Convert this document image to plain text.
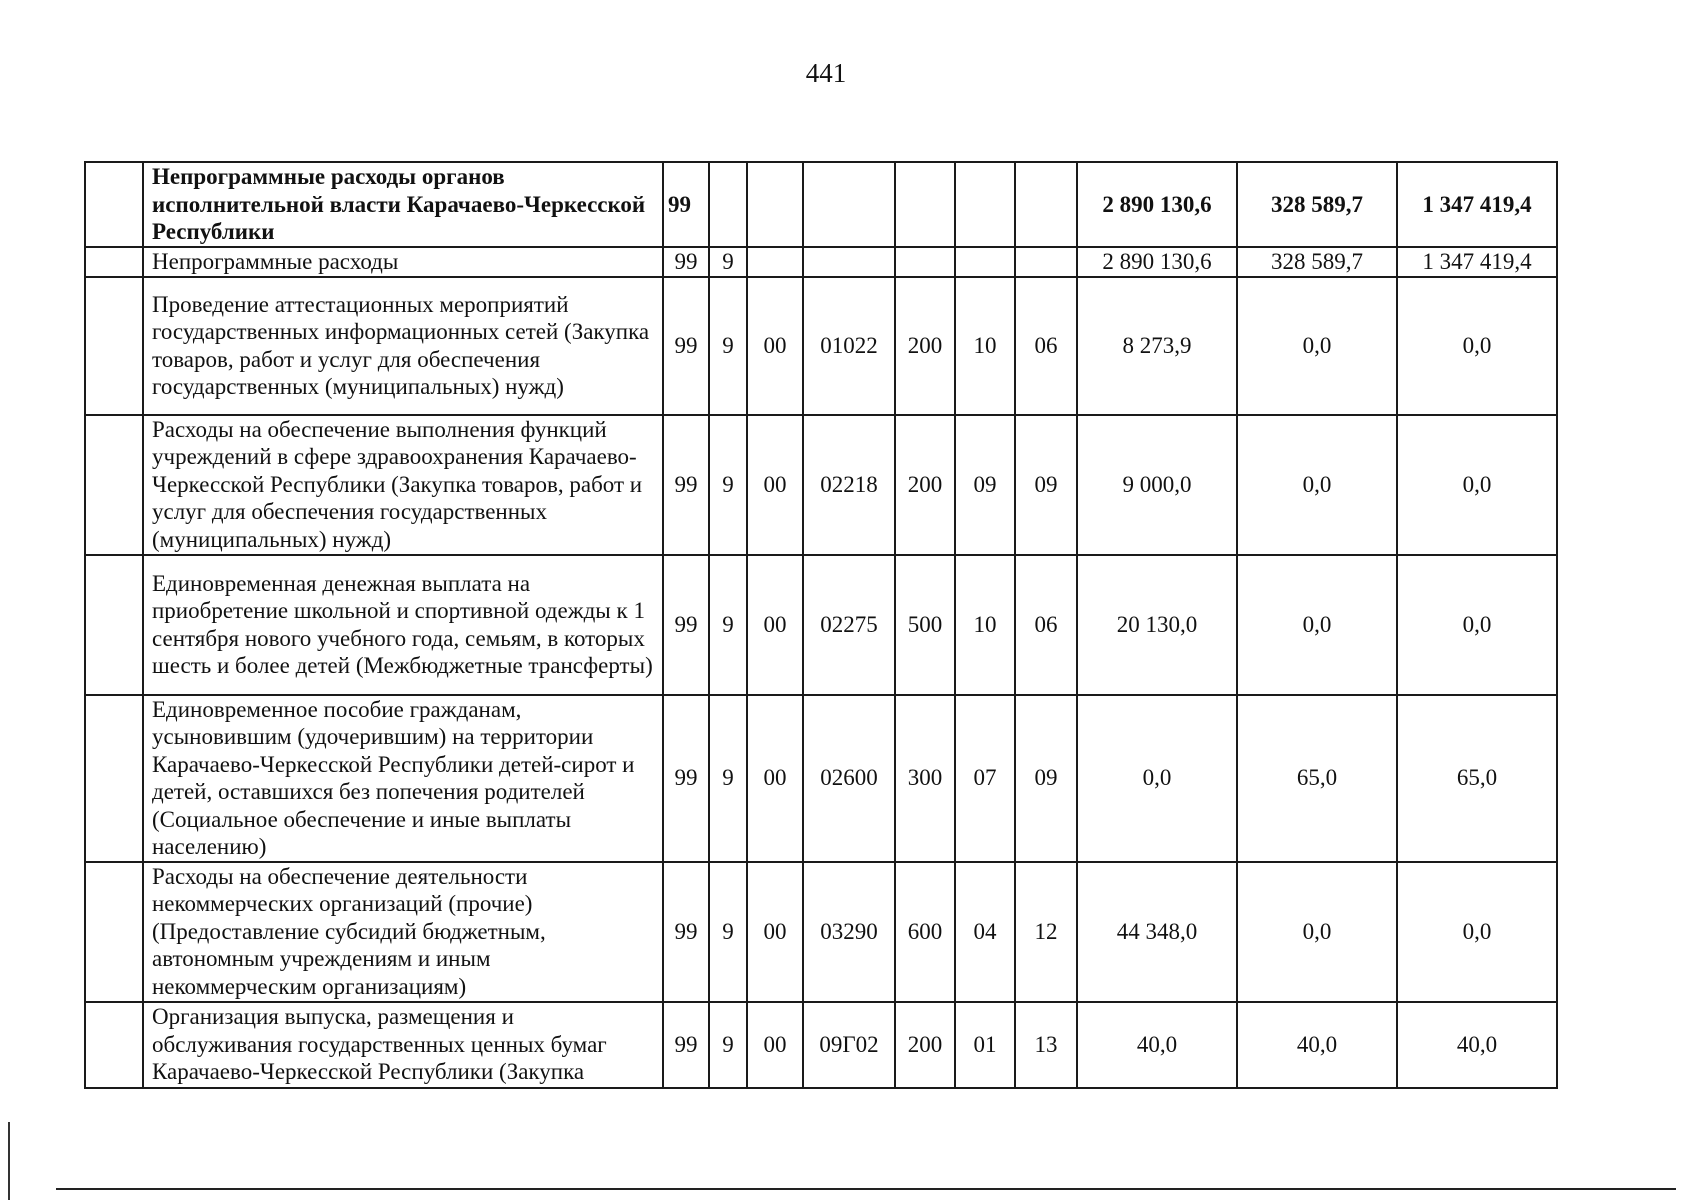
441
	Непрограммные расходы органов исполнительной власти Карачаево-Черкесской Республики	99							2 890 130,6	328 589,7	1 347 419,4
	Непрограммные расходы	99	9						2 890 130,6	328 589,7	1 347 419,4
	Проведение аттестационных мероприятий государственных информационных сетей (Закупка товаров, работ и услуг для обеспечения государственных (муниципальных) нужд)	99	9	00	01022	200	10	06	8 273,9	0,0	0,0
	Расходы на обеспечение выполнения функций учреждений в сфере здравоохранения Карачаево-Черкесской Республики (Закупка товаров, работ и услуг для обеспечения государственных (муниципальных) нужд)	99	9	00	02218	200	09	09	9 000,0	0,0	0,0
	Единовременная денежная выплата на приобретение школьной и спортивной одежды к 1 сентября нового учебного года, семьям, в которых шесть и более детей (Межбюджетные трансферты)	99	9	00	02275	500	10	06	20 130,0	0,0	0,0
	Единовременное пособие гражданам, усыновившим (удочерившим) на территории Карачаево-Черкесской Республики детей-сирот и детей, оставшихся без попечения родителей (Социальное обеспечение и иные выплаты населению)	99	9	00	02600	300	07	09	0,0	65,0	65,0
	Расходы на обеспечение деятельности некоммерческих организаций (прочие) (Предоставление субсидий бюджетным, автономным учреждениям и иным некоммерческим организациям)	99	9	00	03290	600	04	12	44 348,0	0,0	0,0
	Организация выпуска, размещения и обслуживания государственных ценных бумаг Карачаево-Черкесской Республики (Закупка	99	9	00	09Г02	200	01	13	40,0	40,0	40,0
